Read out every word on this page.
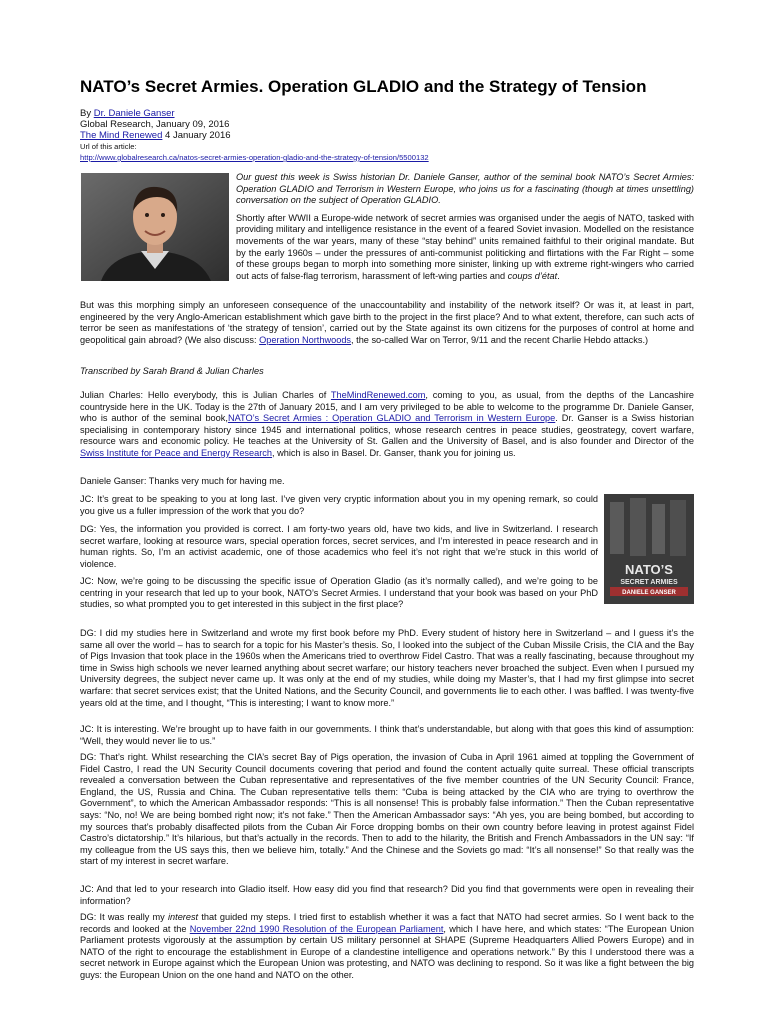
NATO’s Secret Armies. Operation GLADIO and the Strategy of Tension
By Dr. Daniele Ganser
Global Research, January 09, 2016
The Mind Renewed 4 January 2016
Url of this article:
http://www.globalresearch.ca/natos-secret-armies-operation-gladio-and-the-strategy-of-tension/5500132

Our guest this week is Swiss historian Dr. Daniele Ganser, author of the seminal book NATO’s Secret Armies: Operation GLADIO and Terrorism in Western Europe, who joins us for a fascinating (though at times unsettling) conversation on the subject of Operation GLADIO.

Shortly after WWII a Europe-wide network of secret armies was organised under the aegis of NATO, tasked with providing military and intelligence resistance in the event of a feared Soviet invasion. Modelled on the resistance movements of the war years, many of these “stay behind” units remained faithful to their original mandate. But by the early 1960s – under the pressures of anti-communist politicking and flirtations with the Far Right – some of these groups began to morph into something more sinister, linking up with extreme right-wingers who carried out acts of false-flag terrorism, harassment of left-wing parties and coups d’état.

But was this morphing simply an unforeseen consequence of the unaccountability and instability of the network itself? Or was it, at least in part, engineered by the very Anglo-American establishment which gave birth to the project in the first place? And to what extent, therefore, can such acts of terror be seen as manifestations of ‘the strategy of tension’, carried out by the State against its own citizens for the purposes of control at home and geopolitical gain abroad? (We also discuss: Operation Northwoods, the so-called War on Terror, 9/11 and the recent Charlie Hebdo attacks.)
Transcribed by Sarah Brand & Julian Charles
Julian Charles: Hello everybody, this is Julian Charles of TheMindRenewed.com, coming to you, as usual, from the depths of the Lancashire countryside here in the UK. Today is the 27th of January 2015, and I am very privileged to be able to welcome to the programme Dr. Daniele Ganser, who is author of the seminal book,NATO’s Secret Armies : Operation GLADIO and Terrorism in Western Europe. Dr. Ganser is a Swiss historian specialising in contemporary history since 1945 and international politics, whose research centres in peace studies, geostrategy, covert warfare, resource wars and economic policy. He teaches at the University of St. Gallen and the University of Basel, and is also founder and Director of the Swiss Institute for Peace and Energy Research, which is also in Basel. Dr. Ganser, thank you for joining us.
Daniele Ganser: Thanks very much for having me.
JC: It’s great to be speaking to you at long last. I’ve given very cryptic information about you in my opening remark, so could you give us a fuller impression of the work that you do?
NATO’S
SECRET ARMIES
DANIELE GANSER
DG: Yes, the information you provided is correct. I am forty-two years old, have two kids, and live in Switzerland. I research secret warfare, looking at resource wars, special operation forces, secret services, and I’m interested in peace research and in human rights. So, I’m an activist academic, one of those academics who feel it’s not right that we’re stuck in this world of violence.
JC: Now, we’re going to be discussing the specific issue of Operation Gladio (as it’s normally called), and we’re going to be centring in your research that led up to your book, NATO’s Secret Armies. I understand that your book was based on your PhD studies, so what prompted you to get interested in this subject in the first place?
DG: I did my studies here in Switzerland and wrote my first book before my PhD. Every student of history here in Switzerland – and I guess it’s the same all over the world – has to search for a topic for his Master’s thesis. So, I looked into the subject of the Cuban Missile Crisis, the CIA and the Bay of Pigs Invasion that took place in the 1960s when the Americans tried to overthrow Fidel Castro. That was a really fascinating, because throughout my time in Swiss high schools we never learned anything about secret warfare; our history teachers never broached the subject. Even when I pursued my University degrees, the subject never came up. It was only at the end of my studies, while doing my Master’s, that I had my first glimpse into secret warfare: that secret services exist; that the United Nations, and the Security Council, and governments lie to each other. I was baffled. I was twenty-five years old at the time, and I thought, “This is interesting; I want to know more.”
JC: It is interesting. We’re brought up to have faith in our governments. I think that’s understandable, but along with that goes this kind of assumption: “Well, they would never lie to us.”
DG: That’s right. Whilst researching the CIA’s secret Bay of Pigs operation, the invasion of Cuba in April 1961 aimed at toppling the Government of Fidel Castro, I read the UN Security Council documents covering that period and found the content actually quite surreal. These official transcripts revealed a conversation between the Cuban representative and representatives of the five member countries of the UN Security Council: France, England, the US, Russia and China. The Cuban representative tells them: “Cuba is being attacked by the CIA who are trying to overthrow the Government”, to which the American Ambassador responds: “This is all nonsense! This is probably false information.” Then the Cuban representative says: “No, no! We are being bombed right now; it’s not fake.” Then the American Ambassador says: “Ah yes, you are being bombed, but according to my sources that’s probably disaffected pilots from the Cuban Air Force dropping bombs on their own country before leaving in protest against Fidel Castro’s dictatorship.” It’s hilarious, but that’s actually in the records. Then to add to the hilarity, the British and French Ambassadors in the UN say: “If my colleague from the US says this, then we believe him, totally.” And the Chinese and the Soviets go mad: “It’s all nonsense!” So that really was the start of my interest in secret warfare.
JC: And that led to your research into Gladio itself. How easy did you find that research? Did you find that governments were open in revealing their information?
DG: It was really my interest that guided my steps. I tried first to establish whether it was a fact that NATO had secret armies. So I went back to the records and looked at the November 22nd 1990 Resolution of the European Parliament, which I have here, and which states: “The European Union Parliament protests vigorously at the assumption by certain US military personnel at SHAPE (Supreme Headquarters Allied Powers Europe) and in NATO of the right to encourage the establishment in Europe of a clandestine intelligence and operations network.” By this I understood there was a secret network in Europe against which the European Union was protesting, and NATO was declining to respond. So it was like a fight between the big guys: the European Union on the one hand and NATO on the other.
